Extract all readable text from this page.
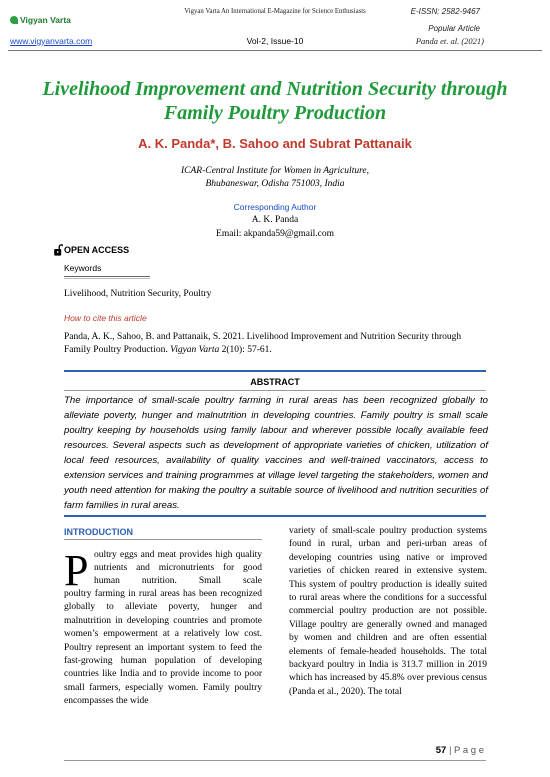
Vigyan Varta An International E-Magazine for Science Enthusiasts	E-ISSN: 2582-9467
Vigyan Varta
Popular Article
www.vigyanvarta.com	Vol-2, Issue-10	Panda et. al. (2021)
Livelihood Improvement and Nutrition Security through Family Poultry Production
A. K. Panda*, B. Sahoo and Subrat Pattanaik
ICAR-Central Institute for Women in Agriculture,
Bhubaneswar, Odisha 751003, India
Corresponding Author
A. K. Panda
Email: akpanda59@gmail.com
OPEN ACCESS
Keywords
Livelihood, Nutrition Security, Poultry
How to cite this article
Panda, A. K., Sahoo, B. and Pattanaik, S. 2021. Livelihood Improvement and Nutrition Security through Family Poultry Production. Vigyan Varta 2(10): 57-61.
ABSTRACT
The importance of small-scale poultry farming in rural areas has been recognized globally to alleviate poverty, hunger and malnutrition in developing countries. Family poultry is small scale poultry keeping by households using family labour and wherever possible locally available feed resources. Several aspects such as development of appropriate varieties of chicken, utilization of local feed resources, availability of quality vaccines and well-trained vaccinators, access to extension services and training programmes at village level targeting the stakeholders, women and youth need attention for making the poultry a suitable source of livelihood and nutrition securities of farm families in rural areas.
INTRODUCTION
P oultry eggs and meat provides high quality nutrients and micronutrients for good human nutrition. Small scale
poultry farming in rural areas has been recognized globally to alleviate poverty, hunger and malnutrition in developing countries and promote women’s empowerment at a relatively low cost. Poultry represent an important system to feed the fast-growing human population of developing countries like India and to provide income to poor small farmers, especially women. Family poultry encompasses the wide
variety of small-scale poultry production systems found in rural, urban and peri-urban areas of developing countries using native or improved varieties of chicken reared in extensive system. This system of poultry production is ideally suited to rural areas where the conditions for a successful commercial poultry production are not possible. Village poultry are generally owned and managed by women and children and are often essential elements of female-headed households. The total backyard poultry in India is 313.7 million in 2019 which has increased by 45.8% over previous census (Panda et al., 2020). The total
57 | P a g e
